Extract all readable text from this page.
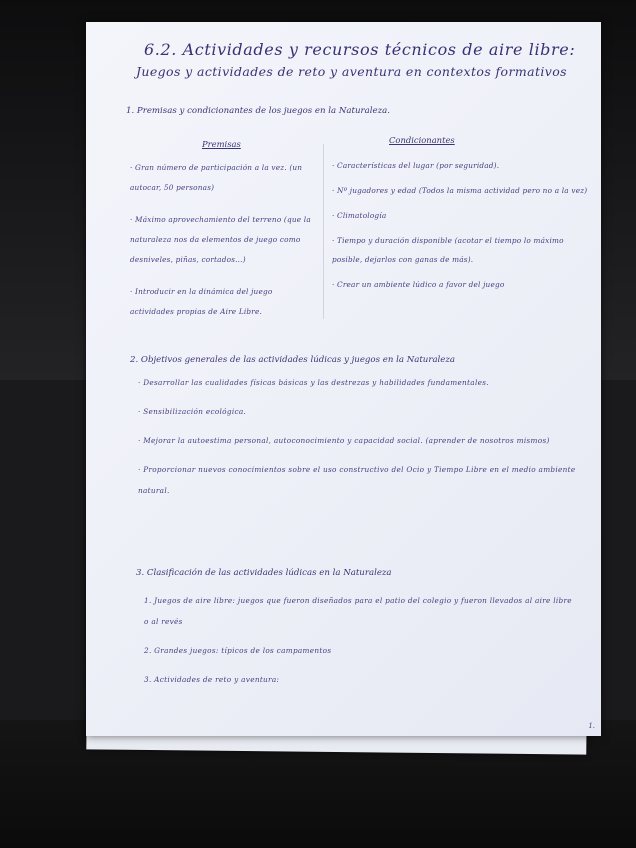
6.2. Actividades y recursos técnicos de aire libre:
Juegos y actividades de reto y aventura en contextos formativos
1. Premisas y condicionantes de los juegos en la Naturaleza.
Premisas	Condicionantes

· Gran número de participación a la vez. (un autocar, 50 personas)

· Máximo aprovechamiento del terreno (que la naturaleza nos da elementos de juego como desniveles, piñas, cortados...)

· Introducir en la dinámica del juego actividades propias de Aire Libre.

· Características del lugar (por seguridad).

· Nº jugadores y edad (Todos la misma actividad pero no a la vez)

· Climatología

· Tiempo y duración disponible (acotar el tiempo lo máximo posible, dejarlos con ganas de más).

· Crear un ambiente lúdico a favor del juego

2. Objetivos generales de las actividades lúdicas y juegos en la Naturaleza

· Desarrollar las cualidades físicas básicas y las destrezas y habilidades fundamentales.

· Sensibilización ecológica.

· Mejorar la autoestima personal, autoconocimiento y capacidad social. (aprender de nosotros mismos)

· Proporcionar nuevos conocimientos sobre el uso constructivo del Ocio y Tiempo Libre en el medio ambiente natural.

3. Clasificación de las actividades lúdicas en la Naturaleza

1. Juegos de aire libre: juegos que fueron diseñados para el patio del colegio y fueron llevados al aire libre o al revés

2. Grandes juegos: típicos de los campamentos

3. Actividades de reto y aventura:

1.
